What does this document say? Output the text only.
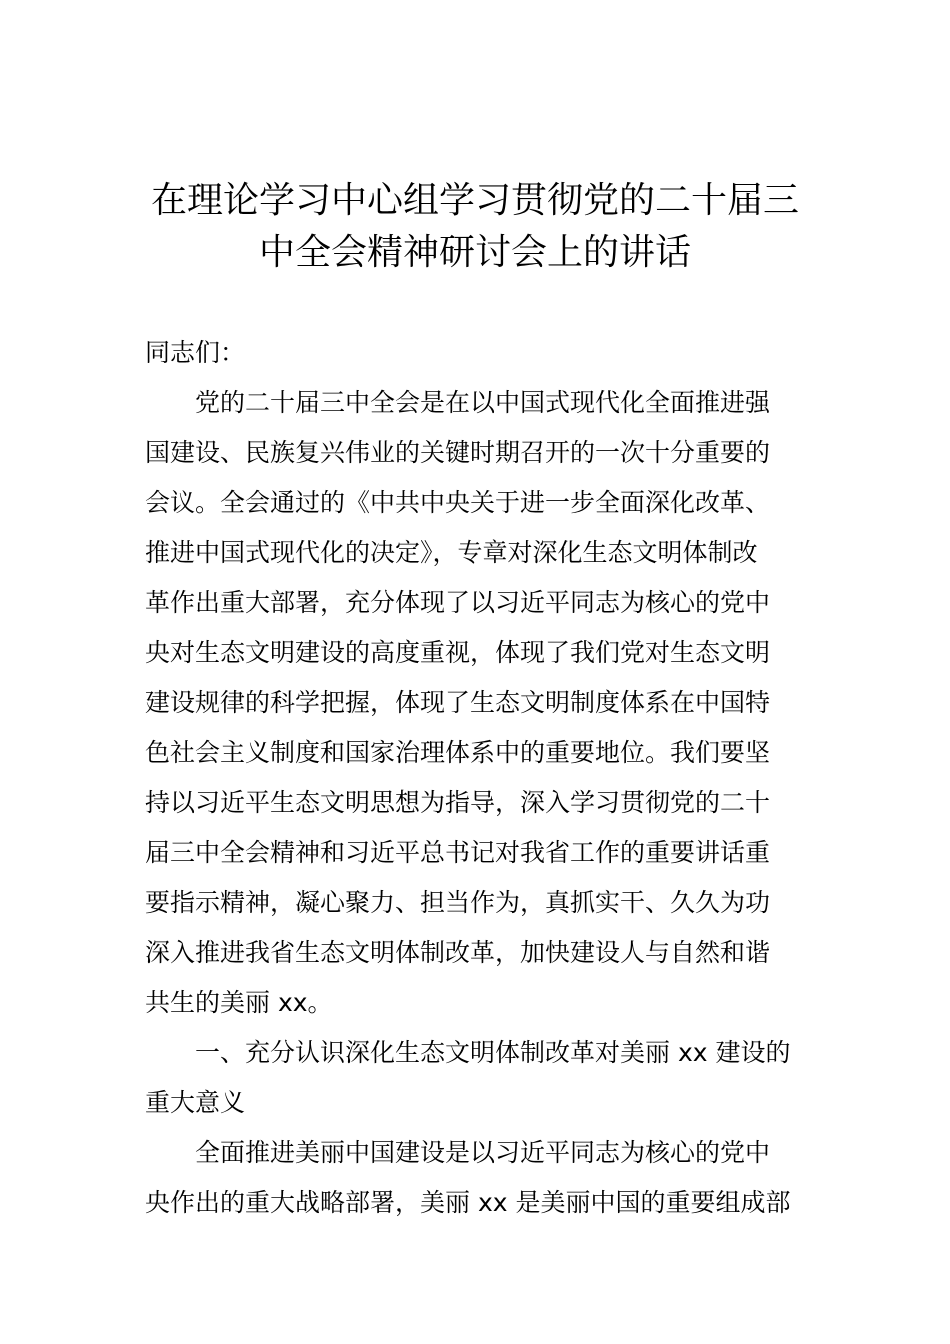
在理论学习中心组学习贯彻党的二十届三
中全会精神研讨会上的讲话
同志们：
党的二十届三中全会是在以中国式现代化全面推进强
国建设、民族复兴伟业的关键时期召开的一次十分重要的
会议。全会通过的《中共中央关于进一步全面深化改革、
推进中国式现代化的决定》，专章对深化生态文明体制改
革作出重大部署，充分体现了以习近平同志为核心的党中
央对生态文明建设的高度重视，体现了我们党对生态文明
建设规律的科学把握，体现了生态文明制度体系在中国特
色社会主义制度和国家治理体系中的重要地位。我们要坚
持以习近平生态文明思想为指导，深入学习贯彻党的二十
届三中全会精神和习近平总书记对我省工作的重要讲话重
要指示精神，凝心聚力、担当作为，真抓实干、久久为功
深入推进我省生态文明体制改革，加快建设人与自然和谐
共生的美丽 xx。
一、充分认识深化生态文明体制改革对美丽 xx 建设的
重大意义
全面推进美丽中国建设是以习近平同志为核心的党中
央作出的重大战略部署，美丽 xx 是美丽中国的重要组成部
